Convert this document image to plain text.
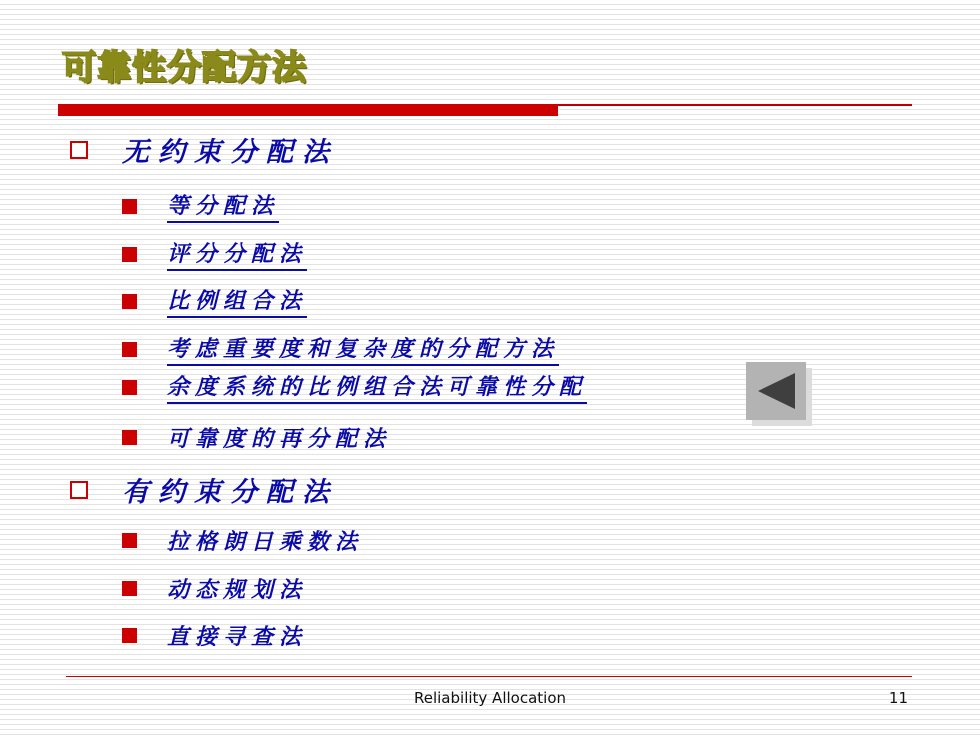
可靠性分配方法
无约束分配法
等分配法
评分分配法
比例组合法
考虑重要度和复杂度的分配方法
余度系统的比例组合法可靠性分配
可靠度的再分配法
有约束分配法
拉格朗日乘数法
动态规划法
直接寻查法
Reliability Allocation	11
